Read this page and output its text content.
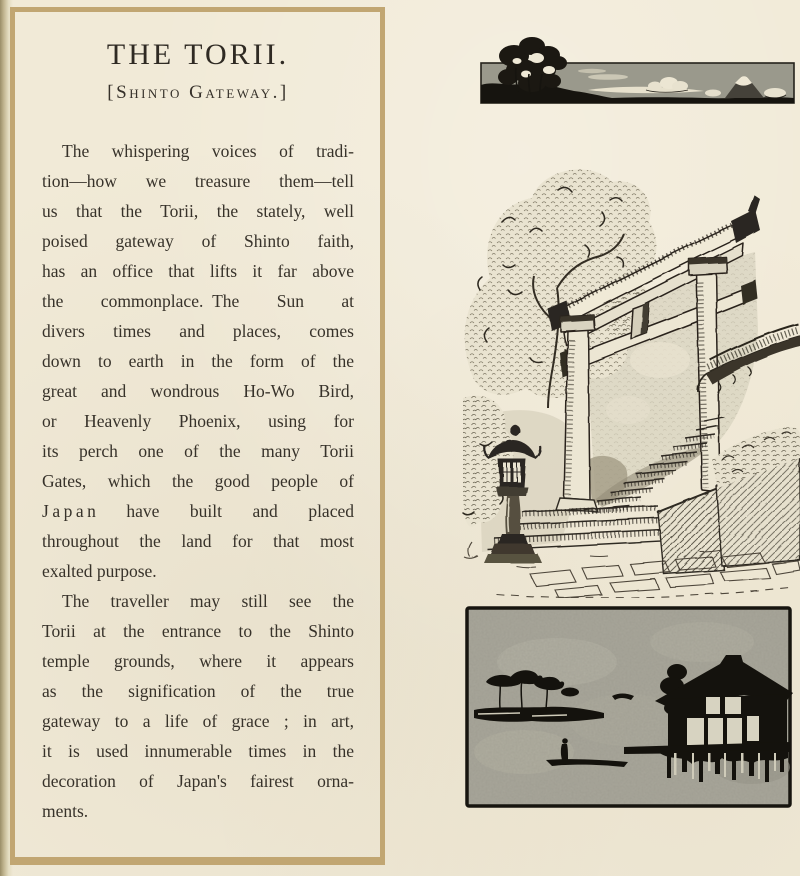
THE TORII.
[Shinto Gateway.]
The whispering voices of tradi-
tion—how we treasure them—tell
us that the Torii, the stately, well
poised gateway of Shinto faith,
has an office that lifts it far above
the commonplace. The Sun at
divers times and places, comes
down to earth in the form of the
great and wondrous Ho-Wo Bird,
or Heavenly Phoenix, using for
its perch one of the many Torii
Gates, which the good people of
J a p a n have built and placed
throughout the land for that most
exalted purpose.
The traveller may still see the
Torii at the entrance to the Shinto
temple grounds, where it appears
as the signification of the true
gateway to a life of grace ; in art,
it is used innumerable times in the
decoration of Japan's fairest orna-
ments.
